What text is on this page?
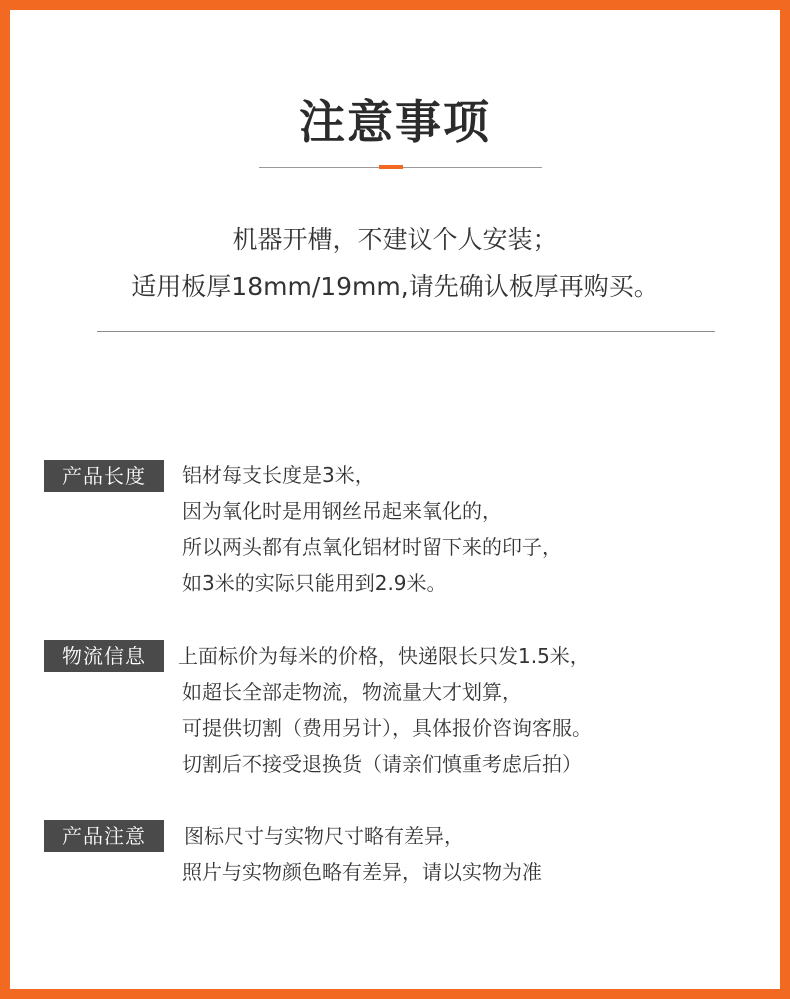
注意事项
机器开槽，不建议个人安装；
适用板厚18mm/19mm,请先确认板厚再购买。
产品长度	铝材每支长度是3米，
因为氧化时是用钢丝吊起来氧化的，
所以两头都有点氧化铝材时留下来的印子，
如3米的实际只能用到2.9米。
物流信息	上面标价为每米的价格，快递限长只发1.5米，
如超长全部走物流，物流量大才划算，
可提供切割（费用另计），具体报价咨询客服。
切割后不接受退换货（请亲们慎重考虑后拍）
产品注意	图标尺寸与实物尺寸略有差异，
照片与实物颜色略有差异，请以实物为准
